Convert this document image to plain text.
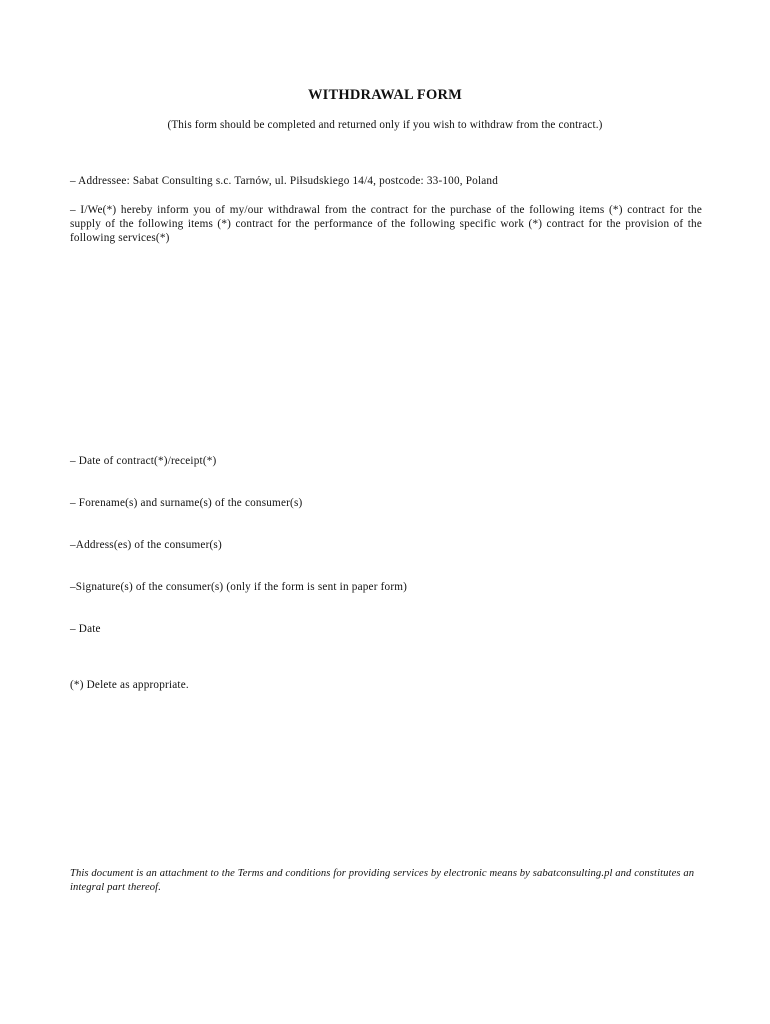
WITHDRAWAL FORM
(This form should be completed and returned only if you wish to withdraw from the contract.)
– Addressee: Sabat Consulting s.c. Tarnów, ul. Piłsudskiego 14/4, postcode: 33-100, Poland
– I/We(*) hereby inform you of my/our withdrawal from the contract for the purchase of the following items (*) contract for the supply of the following items (*) contract for the performance of the following specific work (*) contract for the provision of the following services(*)
– Date of contract(*)/receipt(*)
– Forename(s) and surname(s) of the consumer(s)
–Address(es) of the consumer(s)
–Signature(s) of the consumer(s) (only if the form is sent in paper form)
– Date
(*) Delete as appropriate.
This document is an attachment to the Terms and conditions for providing services by electronic means by sabatconsulting.pl and constitutes an integral part thereof.
